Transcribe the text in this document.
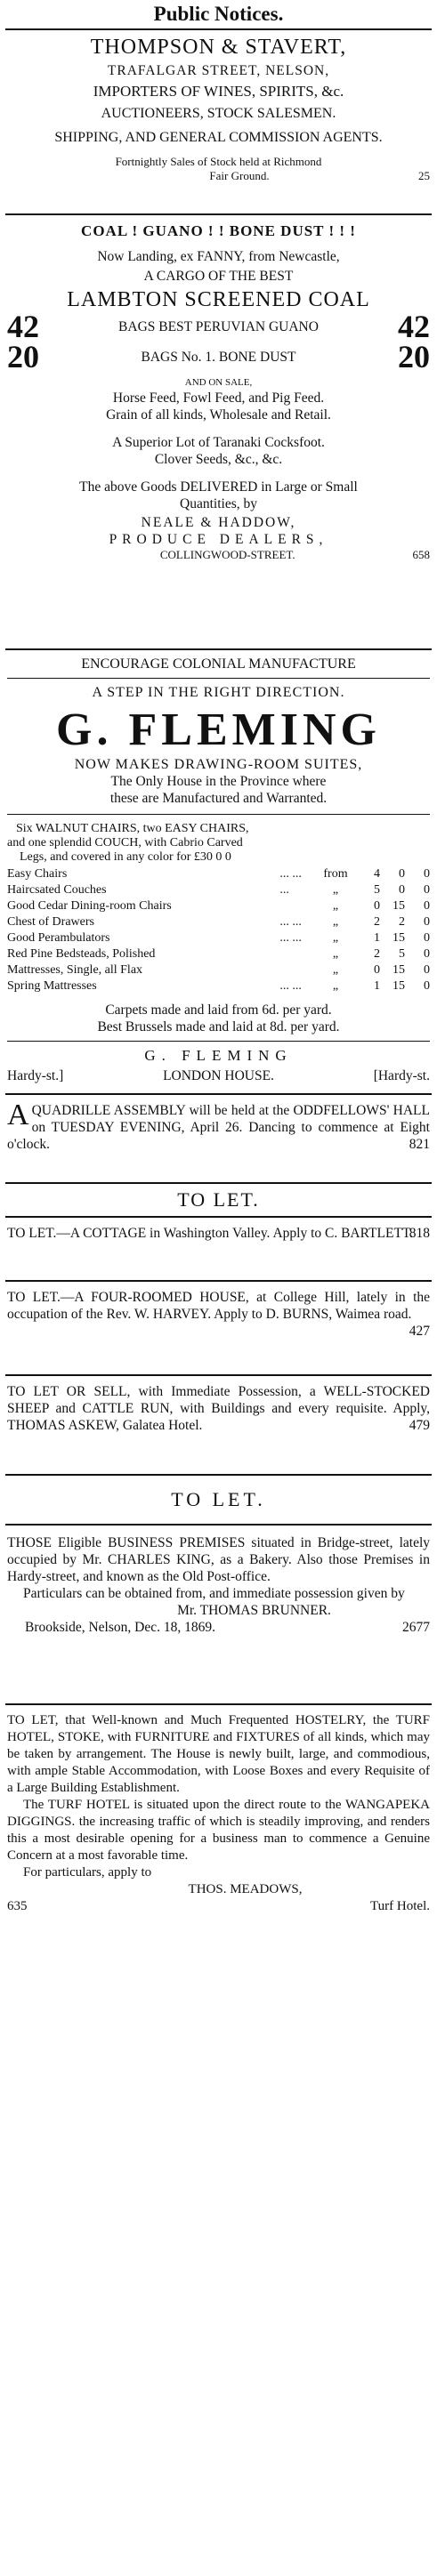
Public Notices.
THOMPSON & STAVERT,
TRAFALGAR STREET, NELSON,
IMPORTERS OF WINES, SPIRITS, &c.
AUCTIONEERS, STOCK SALESMEN.
SHIPPING, AND GENERAL COMMISSION AGENTS.
Fortnightly Sales of Stock held at Richmond
Fair Ground.	25
COAL ! GUANO ! ! BONE DUST ! ! !
Now Landing, ex FANNY, from Newcastle,
A CARGO OF THE BEST
LAMBTON SCREENED COAL
42	BAGS BEST PERUVIAN GUANO 42
20	BAGS No. 1. BONE DUST	20
AND ON SALE,
Horse Feed, Fowl Feed, and Pig Feed.
Grain of all kinds, Wholesale and Retail.
A Superior Lot of Taranaki Cocksfoot.
Clover Seeds, &c., &c.
The above Goods DELIVERED in Large or Small
Quantities, by
NEALE & HADDOW,
PRODUCE DEALERS,
COLLINGWOOD-STREET.	658
ENCOURAGE COLONIAL MANUFACTURE
A STEP IN THE RIGHT DIRECTION.
G. FLEMING
NOW MAKES DRAWING-ROOM SUITES,
The Only House in the Province where
these are Manufactured and Warranted.
Six WALNUT CHAIRS, two EASY CHAIRS,
and one splendid COUCH, with Cabrio Carved
Legs, and covered in any color for £30 0 0
Easy Chairs	... ...	from	4	0	0
Haircsated Couches	...	„	5	0	0
Good Cedar Dining-room Chairs		„	0	15	0
Chest of Drawers	... ...	„	2	2	0
Good Perambulators	... ...	„	1	15	0
Red Pine Bedsteads, Polished		„	2	5	0
Mattresses, Single, all Flax		„	0	15	0
Spring Mattresses	... ...	„	1	15	0
Carpets made and laid from 6d. per yard.
Best Brussels made and laid at 8d. per yard.
G. FLEMING
Hardy-st.]	LONDON HOUSE.	[Hardy-st.
A QUADRILLE ASSEMBLY will be held at the ODDFELLOWS' HALL on TUESDAY EVENING, April 26. Dancing to commence at Eight o'clock.	821
TO LET.
TO LET.—A COTTAGE in Washington Valley. Apply to C. BARTLETT.
818
TO LET.—A FOUR-ROOMED HOUSE, at College Hill, lately in the occupation of the Rev. W. HARVEY. Apply to D. BURNS, Waimea road.
427
TO LET OR SELL, with Immediate Possession, a WELL-STOCKED SHEEP and CATTLE RUN, with Buildings and every requisite. Apply, THOMAS ASKEW, Galatea Hotel.	479
TO LET.
THOSE Eligible BUSINESS PREMISES situated in Bridge-street, lately occupied by Mr. CHARLES KING, as a Bakery. Also those Premises in Hardy-street, and known as the Old Post-office.
Particulars can be obtained from, and immediate possession given by
Mr. THOMAS BRUNNER.
Brookside, Nelson, Dec. 18, 1869.	2677
TO LET, that Well-known and Much Frequented HOSTELRY, the TURF HOTEL, STOKE, with FURNITURE and FIXTURES of all kinds, which may be taken by arrangement. The House is newly built, large, and commodious, with ample Stable Accommodation, with Loose Boxes and every Requisite of a Large Building Establishment.
The TURF HOTEL is situated upon the direct route to the WANGAPEKA DIGGINGS. the increasing traffic of which is steadily improving, and renders this a most desirable opening for a business man to commence a Genuine Concern at a most favorable time.
For particulars, apply to
THOS. MEADOWS,
635	Turf Hotel.
